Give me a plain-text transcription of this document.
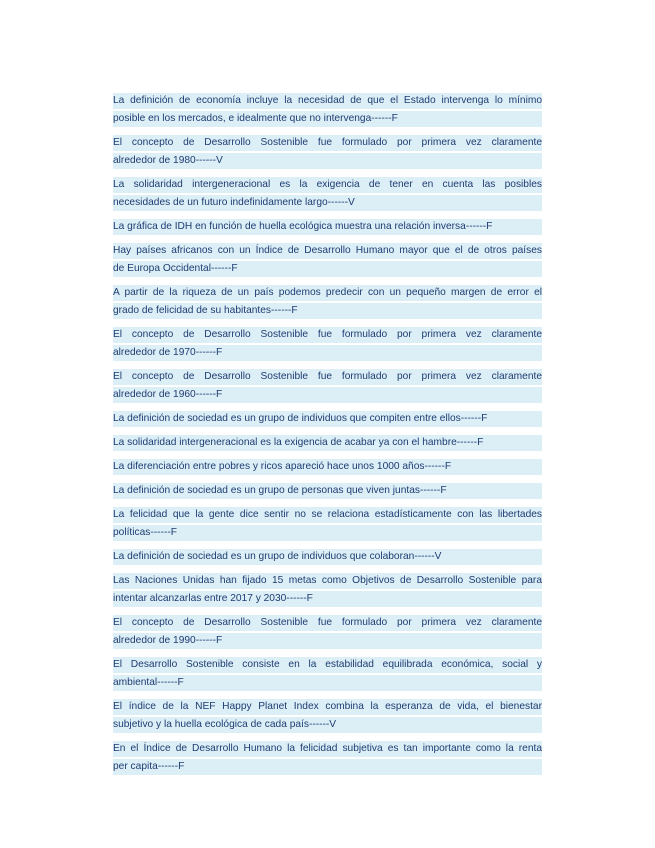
La definición de economía incluye la necesidad de que el Estado intervenga lo mínimo
posible en los mercados, e idealmente que no intervenga------F
El concepto de Desarrollo Sostenible fue formulado por primera vez claramente
alrededor de 1980------V
La solidaridad intergeneracional es la exigencia de tener en cuenta las posibles
necesidades de un futuro indefinidamente largo------V
La gráfica de IDH en función de huella ecológica muestra una relación inversa------F
Hay países africanos con un Índice de Desarrollo Humano mayor que el de otros países
de Europa Occidental------F
A partir de la riqueza de un país podemos predecir con un pequeño margen de error el
grado de felicidad de su habitantes------F
El concepto de Desarrollo Sostenible fue formulado por primera vez claramente
alrededor de 1970------F
El concepto de Desarrollo Sostenible fue formulado por primera vez claramente
alrededor de 1960------F
La definición de sociedad es un grupo de individuos que compiten entre ellos------F
La solidaridad intergeneracional es la exigencia de acabar ya con el hambre------F
La diferenciación entre pobres y ricos apareció hace unos 1000 años------F
La definición de sociedad es un grupo de personas que viven juntas------F
La felicidad que la gente dice sentir no se relaciona estadísticamente con las libertades
políticas------F
La definición de sociedad es un grupo de individuos que colaboran------V
Las Naciones Unidas han fijado 15 metas como Objetivos de Desarrollo Sostenible para
intentar alcanzarlas entre 2017 y 2030------F
El concepto de Desarrollo Sostenible fue formulado por primera vez claramente
alrededor de 1990------F
El Desarrollo Sostenible consiste en la estabilidad equilibrada económica, social y
ambiental------F
El índice de la NEF Happy Planet Index combina la esperanza de vida, el bienestar
subjetivo y la huella ecológica de cada país------V
En el Índice de Desarrollo Humano la felicidad subjetiva es tan importante como la renta
per capita------F
